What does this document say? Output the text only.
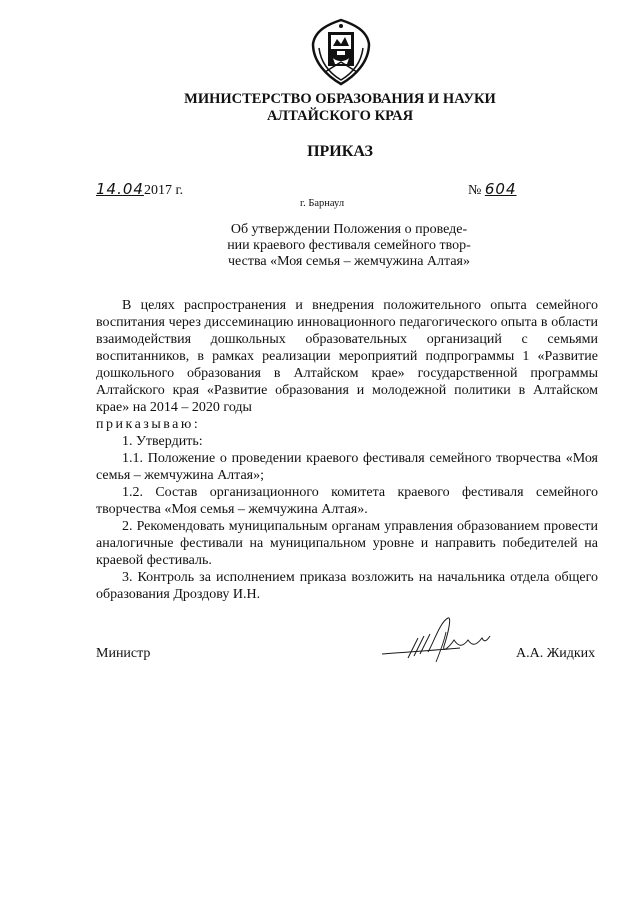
МИНИСТЕРСТВО ОБРАЗОВАНИЯ И НАУКИ
АЛТАЙСКОГО КРАЯ
ПРИКАЗ
14.042017 г.	№ 604
г. Барнаул
Об утверждении Положения о проведе-
нии краевого фестиваля семейного твор-
чества «Моя семья – жемчужина Алтая»

В целях распространения и внедрения положительного опыта семейного воспитания через диссеминацию инновационного педагогического опыта в области взаимодействия дошкольных образовательных организаций с семьями воспитанников, в рамках реализации мероприятий подпрограммы 1 «Развитие дошкольного образования в Алтайском крае» государственной программы Алтайского края «Развитие образования и молодежной политики в Алтайском крае» на 2014 – 2020 годы

приказываю:

1. Утвердить:

1.1. Положение о проведении краевого фестиваля семейного творчества «Моя семья – жемчужина Алтая»;

1.2. Состав организационного комитета краевого фестиваля семейного творчества «Моя семья – жемчужина Алтая».

2. Рекомендовать муниципальным органам управления образованием провести аналогичные фестивали на муниципальном уровне и направить победителей на краевой фестиваль.

3. Контроль за исполнением приказа возложить на начальника отдела общего образования Дроздову И.Н.

Министр	А.А. Жидких
